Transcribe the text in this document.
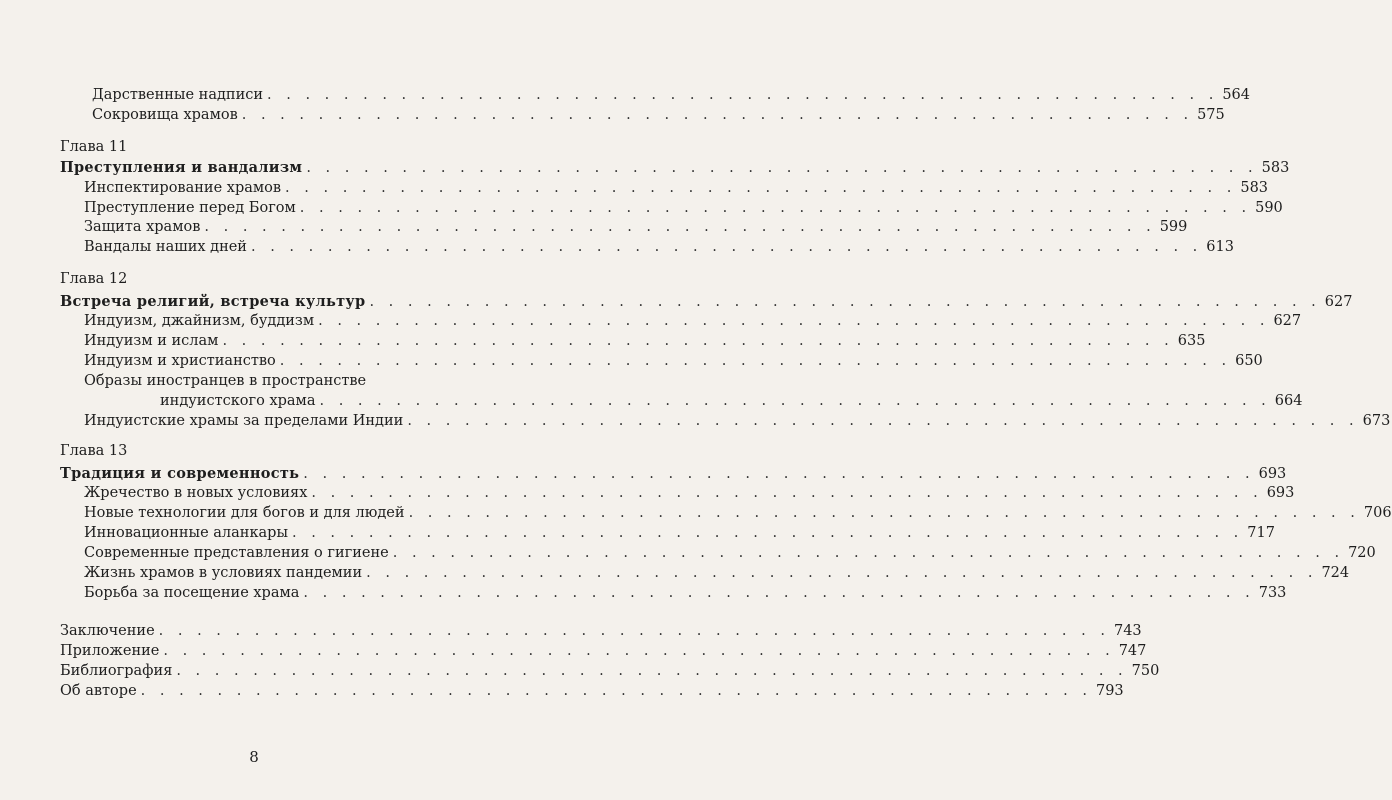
Дарственные надписи . . . . . . . . . . . . . . . . . . . . . . . . . . . . . . . . . . . . . . . . . . . . . . . . . . 564
Сокровища храмов . . . . . . . . . . . . . . . . . . . . . . . . . . . . . . . . . . . . . . . . . . . . . . . . . . 575
Глава 11
Преступления и вандализм . . . . . . . . . . . . . . . . . . . . . . . . . . . . . . . . . . . . . . . . . . . . . . . . . . 583
Инспектирование храмов . . . . . . . . . . . . . . . . . . . . . . . . . . . . . . . . . . . . . . . . . . . . . . . . . . 583
Преступление перед Богом . . . . . . . . . . . . . . . . . . . . . . . . . . . . . . . . . . . . . . . . . . . . . . . . . . 590
Защита храмов . . . . . . . . . . . . . . . . . . . . . . . . . . . . . . . . . . . . . . . . . . . . . . . . . . 599
Вандалы наших дней . . . . . . . . . . . . . . . . . . . . . . . . . . . . . . . . . . . . . . . . . . . . . . . . . . 613
Глава 12
Встреча религий, встреча культур . . . . . . . . . . . . . . . . . . . . . . . . . . . . . . . . . . . . . . . . . . . . . . . . . . 627
Индуизм, джайнизм, буддизм . . . . . . . . . . . . . . . . . . . . . . . . . . . . . . . . . . . . . . . . . . . . . . . . . . 627
Индуизм и ислам . . . . . . . . . . . . . . . . . . . . . . . . . . . . . . . . . . . . . . . . . . . . . . . . . . 635
Индуизм и христианство . . . . . . . . . . . . . . . . . . . . . . . . . . . . . . . . . . . . . . . . . . . . . . . . . . 650
Образы иностранцев в пространстве
индуистского храма . . . . . . . . . . . . . . . . . . . . . . . . . . . . . . . . . . . . . . . . . . . . . . . . . . 664
Индуистские храмы за пределами Индии . . . . . . . . . . . . . . . . . . . . . . . . . . . . . . . . . . . . . . . . . . . . . . . . . . 673
Глава 13
Традиция и современность . . . . . . . . . . . . . . . . . . . . . . . . . . . . . . . . . . . . . . . . . . . . . . . . . . 693
Жречество в новых условиях . . . . . . . . . . . . . . . . . . . . . . . . . . . . . . . . . . . . . . . . . . . . . . . . . . 693
Новые технологии для богов и для людей . . . . . . . . . . . . . . . . . . . . . . . . . . . . . . . . . . . . . . . . . . . . . . . . . . 706
Инновационные аланкары . . . . . . . . . . . . . . . . . . . . . . . . . . . . . . . . . . . . . . . . . . . . . . . . . . 717
Современные представления о гигиене . . . . . . . . . . . . . . . . . . . . . . . . . . . . . . . . . . . . . . . . . . . . . . . . . . 720
Жизнь храмов в условиях пандемии . . . . . . . . . . . . . . . . . . . . . . . . . . . . . . . . . . . . . . . . . . . . . . . . . . 724
Борьба за посещение храма . . . . . . . . . . . . . . . . . . . . . . . . . . . . . . . . . . . . . . . . . . . . . . . . . . 733
Заключение . . . . . . . . . . . . . . . . . . . . . . . . . . . . . . . . . . . . . . . . . . . . . . . . . . 743
Приложение . . . . . . . . . . . . . . . . . . . . . . . . . . . . . . . . . . . . . . . . . . . . . . . . . . 747
Библиография . . . . . . . . . . . . . . . . . . . . . . . . . . . . . . . . . . . . . . . . . . . . . . . . . . 750
Об авторе . . . . . . . . . . . . . . . . . . . . . . . . . . . . . . . . . . . . . . . . . . . . . . . . . . 793
8
